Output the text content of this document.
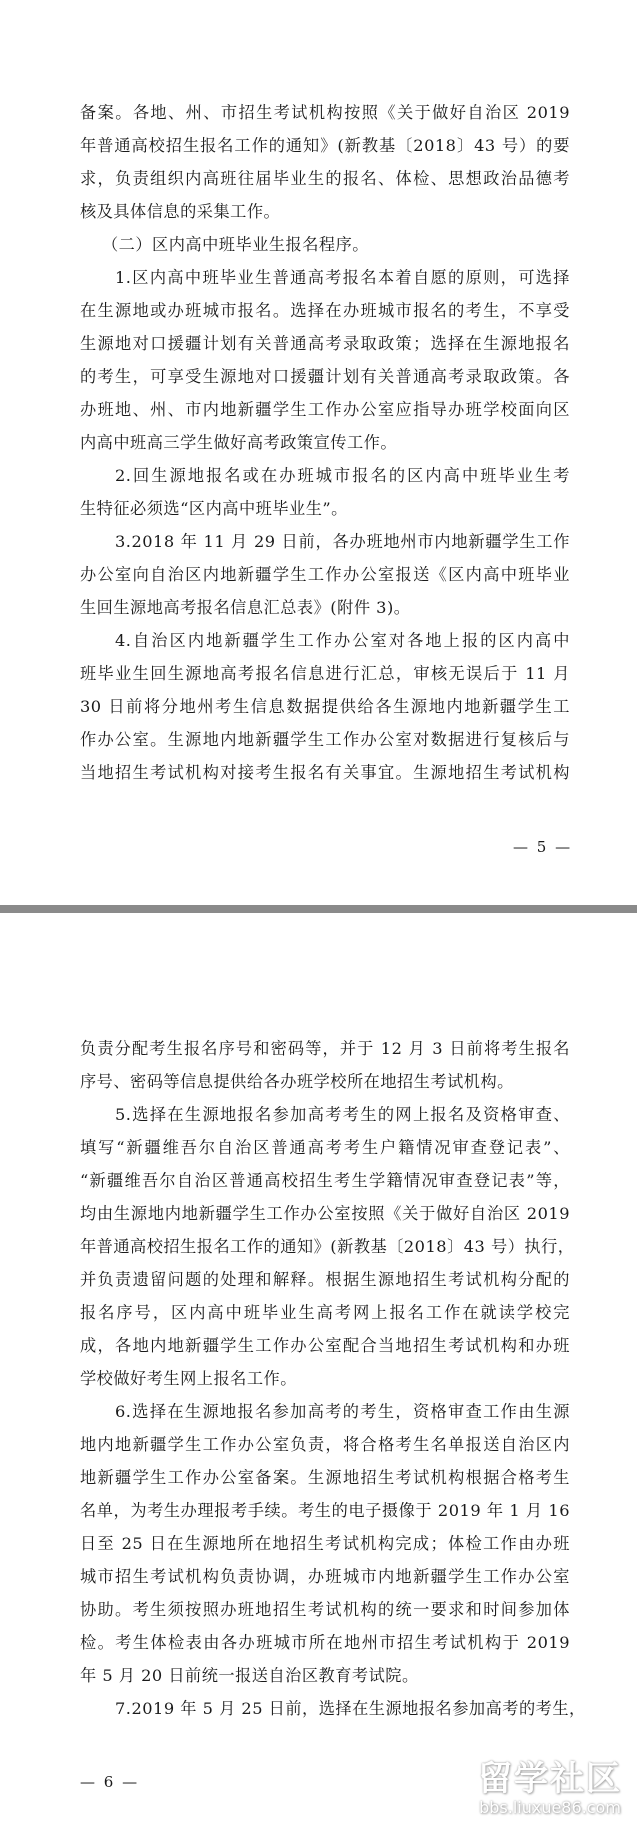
备案。各地、州、市招生考试机构按照《关于做好自治区 2019
年普通高校招生报名工作的通知》(新教基〔2018〕43 号）的要
求，负责组织内高班往届毕业生的报名、体检、思想政治品德考
核及具体信息的采集工作。
（二）区内高中班毕业生报名程序。
1.区内高中班毕业生普通高考报名本着自愿的原则，可选择
在生源地或办班城市报名。选择在办班城市报名的考生，不享受
生源地对口援疆计划有关普通高考录取政策；选择在生源地报名
的考生，可享受生源地对口援疆计划有关普通高考录取政策。各
办班地、州、市内地新疆学生工作办公室应指导办班学校面向区
内高中班高三学生做好高考政策宣传工作。
2.回生源地报名或在办班城市报名的区内高中班毕业生考
生特征必须选“区内高中班毕业生”。
3.2018 年 11 月 29 日前，各办班地州市内地新疆学生工作
办公室向自治区内地新疆学生工作办公室报送《区内高中班毕业
生回生源地高考报名信息汇总表》(附件 3)。
4.自治区内地新疆学生工作办公室对各地上报的区内高中
班毕业生回生源地高考报名信息进行汇总，审核无误后于 11 月
30 日前将分地州考生信息数据提供给各生源地内地新疆学生工
作办公室。生源地内地新疆学生工作办公室对数据进行复核后与
当地招生考试机构对接考生报名有关事宜。生源地招生考试机构
— 5 —
负责分配考生报名序号和密码等，并于 12 月 3 日前将考生报名
序号、密码等信息提供给各办班学校所在地招生考试机构。
5.选择在生源地报名参加高考考生的网上报名及资格审查、
填写“新疆维吾尔自治区普通高考考生户籍情况审查登记表”、
“新疆维吾尔自治区普通高校招生考生学籍情况审查登记表”等，
均由生源地内地新疆学生工作办公室按照《关于做好自治区 2019
年普通高校招生报名工作的通知》(新教基〔2018〕43 号）执行，
并负责遗留问题的处理和解释。根据生源地招生考试机构分配的
报名序号，区内高中班毕业生高考网上报名工作在就读学校完
成，各地内地新疆学生工作办公室配合当地招生考试机构和办班
学校做好考生网上报名工作。
6.选择在生源地报名参加高考的考生，资格审查工作由生源
地内地新疆学生工作办公室负责，将合格考生名单报送自治区内
地新疆学生工作办公室备案。生源地招生考试机构根据合格考生
名单，为考生办理报考手续。考生的电子摄像于 2019 年 1 月 16
日至 25 日在生源地所在地招生考试机构完成；体检工作由办班
城市招生考试机构负责协调，办班城市内地新疆学生工作办公室
协助。考生须按照办班地招生考试机构的统一要求和时间参加体
检。考生体检表由各办班城市所在地州市招生考试机构于 2019
年 5 月 20 日前统一报送自治区教育考试院。
7.2019 年 5 月 25 日前，选择在生源地报名参加高考的考生，
— 6 —	留学社区
bbs.liuxue86.com
